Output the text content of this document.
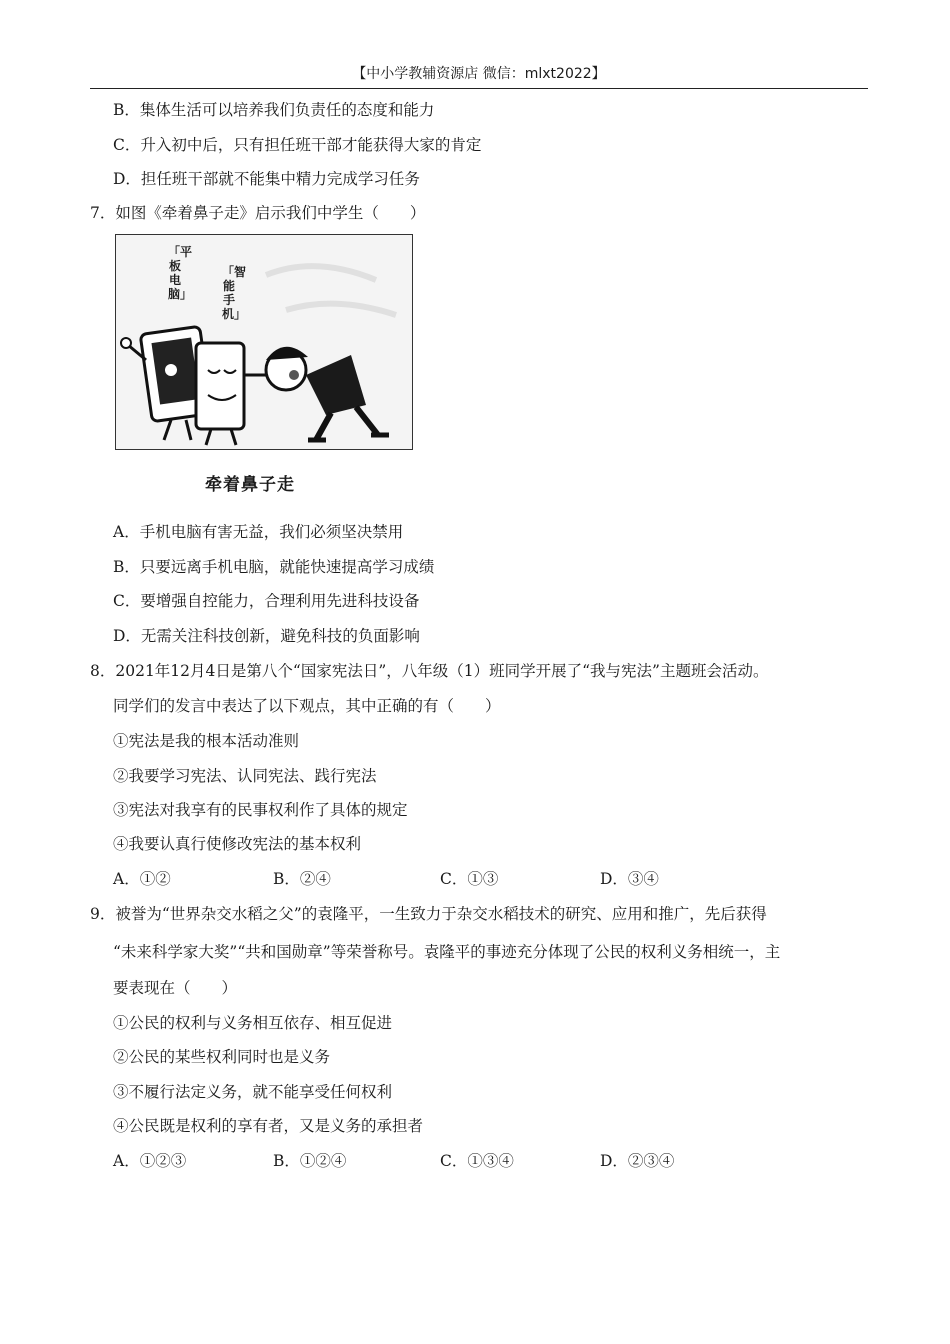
【中小学教辅资源店 微信：mlxt2022】
B．集体生活可以培养我们负责任的态度和能力
C．升入初中后，只有担任班干部才能获得大家的肯定
D．担任班干部就不能集中精力完成学习任务
7．如图《牵着鼻子走》启示我们中学生（　　）
「平板电脑」
「智能手机」
牵着鼻子走
A．手机电脑有害无益，我们必须坚决禁用
B．只要远离手机电脑，就能快速提高学习成绩
C．要增强自控能力，合理利用先进科技设备
D．无需关注科技创新，避免科技的负面影响
8．2021年12月4日是第八个“国家宪法日”，八年级（1）班同学开展了“我与宪法”主题班会活动。
同学们的发言中表达了以下观点，其中正确的有（　　）
①宪法是我的根本活动准则
②我要学习宪法、认同宪法、践行宪法
③宪法对我享有的民事权利作了具体的规定
④我要认真行使修改宪法的基本权利
A．①②	B．②④	C．①③	D．③④
9．被誉为“世界杂交水稻之父”的袁隆平，一生致力于杂交水稻技术的研究、应用和推广，先后获得
“未来科学家大奖”“共和国勋章”等荣誉称号。袁隆平的事迹充分体现了公民的权利义务相统一，主
要表现在（　　）
①公民的权利与义务相互依存、相互促进
②公民的某些权利同时也是义务
③不履行法定义务，就不能享受任何权利
④公民既是权利的享有者，又是义务的承担者
A．①②③	B．①②④	C．①③④	D．②③④
